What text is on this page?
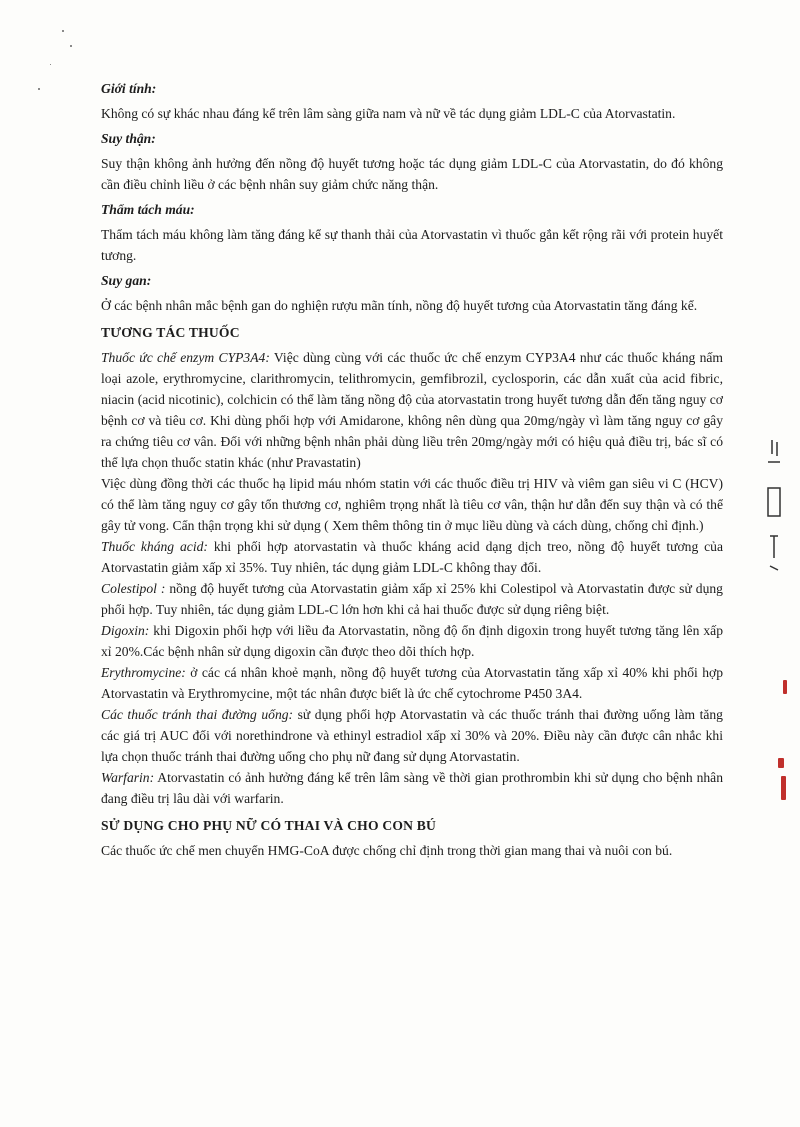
Giới tính:
Không có sự khác nhau đáng kể trên lâm sàng giữa nam và nữ về tác dụng giảm LDL-C của Atorvastatin.
Suy thận:
Suy thận không ảnh hưởng đến nồng độ huyết tương hoặc tác dụng giảm LDL-C của Atorvastatin, do đó không cần điều chỉnh liều ở các bệnh nhân suy giảm chức năng thận.
Thẩm tách máu:
Thẩm tách máu không làm tăng đáng kể sự thanh thải của Atorvastatin vì thuốc gắn kết rộng rãi với protein huyết tương.
Suy gan:
Ở các bệnh nhân mắc bệnh gan do nghiện rượu mãn tính, nồng độ huyết tương của Atorvastatin tăng đáng kể.
TƯƠNG TÁC THUỐC
Thuốc ức chế enzym CYP3A4: Việc dùng cùng với các thuốc ức chế enzym CYP3A4 như các thuốc kháng nấm loại azole, erythromycine, clarithromycin, telithromycin, gemfibrozil, cyclosporin, các dẫn xuất của acid fibric, niacin (acid nicotinic), colchicin có thể làm tăng nồng độ của atorvastatin trong huyết tương dẫn đến tăng nguy cơ bệnh cơ và tiêu cơ. Khi dùng phối hợp với Amidarone, không nên dùng qua 20mg/ngày vì làm tăng nguy cơ gây ra chứng tiêu cơ vân. Đối với những bệnh nhân phải dùng liều trên 20mg/ngày mới có hiệu quả điều trị, bác sĩ có thể lựa chọn thuốc statin khác (như Pravastatin)
Việc dùng đồng thời các thuốc hạ lipid máu nhóm statin với các thuốc điều trị HIV và viêm gan siêu vi C (HCV) có thể làm tăng nguy cơ gây tổn thương cơ, nghiêm trọng nhất là tiêu cơ vân, thận hư dẫn đến suy thận và có thể gây tử vong. Cẩn thận trọng khi sử dụng ( Xem thêm thông tin ở mục liều dùng và cách dùng, chống chỉ định.)
Thuốc kháng acid: khi phối hợp atorvastatin và thuốc kháng acid dạng dịch treo, nồng độ huyết tương của Atorvastatin giảm xấp xỉ 35%. Tuy nhiên, tác dụng giảm LDL-C không thay đổi.
Colestipol : nồng độ huyết tương của Atorvastatin giảm xấp xỉ 25% khi Colestipol và Atorvastatin được sử dụng phối hợp. Tuy nhiên, tác dụng giảm LDL-C lớn hơn khi cả hai thuốc được sử dụng riêng biệt.
Digoxin: khi Digoxin phối hợp với liều đa Atorvastatin, nồng độ ổn định digoxin trong huyết tương tăng lên xấp xỉ 20%.Các bệnh nhân sử dụng digoxin cần được theo dõi thích hợp.
Erythromycine: ở các cá nhân khoẻ mạnh, nồng độ huyết tương của Atorvastatin tăng xấp xỉ 40% khi phối hợp Atorvastatin và Erythromycine, một tác nhân được biết là ức chế cytochrome P450 3A4.
Các thuốc tránh thai đường uống: sử dụng phối hợp Atorvastatin và các thuốc tránh thai đường uống làm tăng các giá trị AUC đối với norethindrone và ethinyl estradiol xấp xỉ 30% và 20%. Điều này cần được cân nhắc khi lựa chọn thuốc tránh thai đường uống cho phụ nữ đang sử dụng Atorvastatin.
Warfarin: Atorvastatin có ảnh hưởng đáng kể trên lâm sàng về thời gian prothrombin khi sử dụng cho bệnh nhân đang điều trị lâu dài với warfarin.
SỬ DỤNG CHO PHỤ NỮ CÓ THAI VÀ CHO CON BÚ
Các thuốc ức chế men chuyển HMG-CoA được chống chỉ định trong thời gian mang thai và nuôi con bú.
